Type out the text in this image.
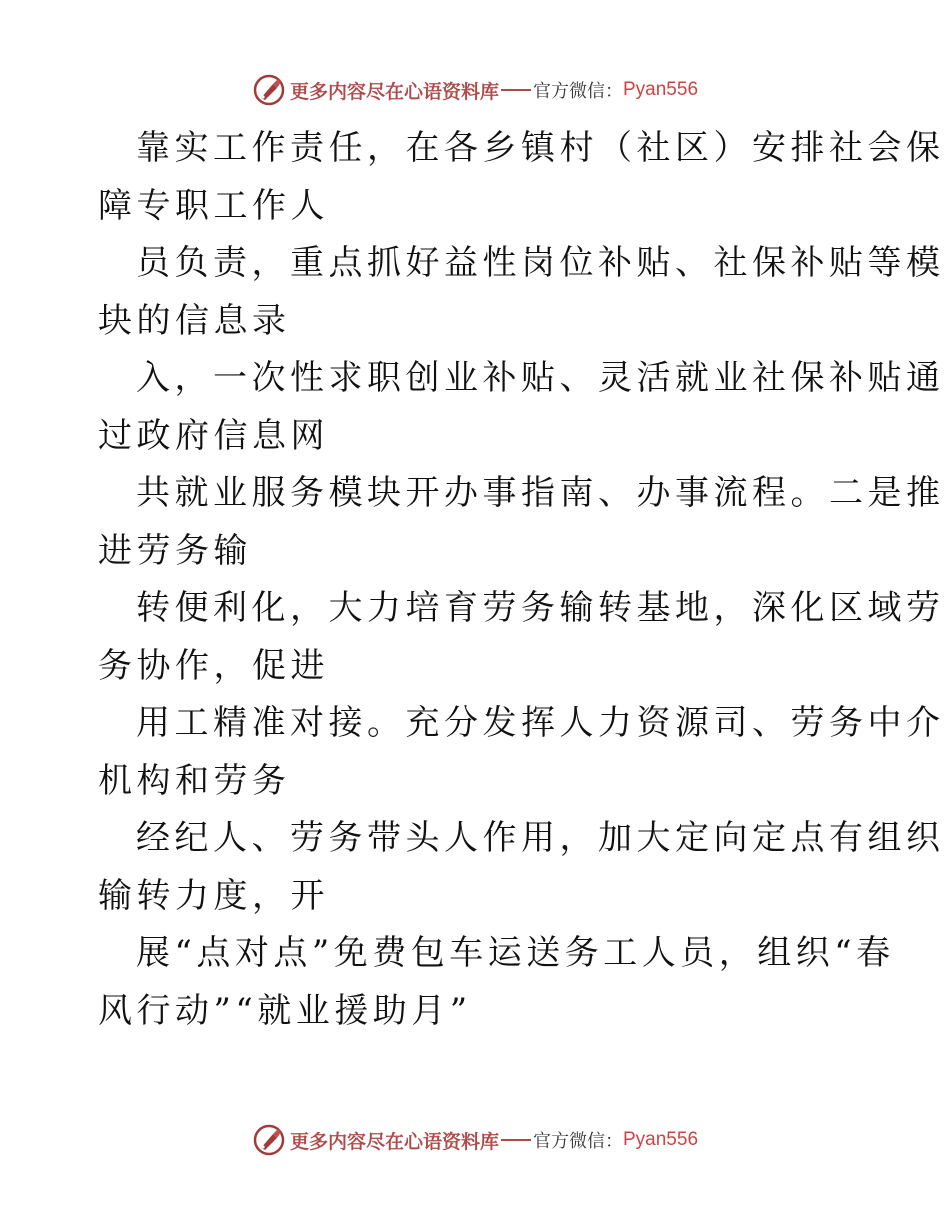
更多内容尽在心语资料库 官方微信： Pyan556

靠实工作责任，在各乡镇村（社区）安排社会保
障专职工作人

员负责，重点抓好益性岗位补贴、社保补贴等模
块的信息录

入，一次性求职创业补贴、灵活就业社保补贴通
过政府信息网

共就业服务模块开办事指南、办事流程。二是推
进劳务输

转便利化，大力培育劳务输转基地，深化区域劳
务协作，促进

用工精准对接。充分发挥人力资源司、劳务中介
机构和劳务

经纪人、劳务带头人作用，加大定向定点有组织
输转力度，开

展“点对点”免费包车运送务工人员，组织“春
风行动”“就业援助月”

更多内容尽在心语资料库 官方微信： Pyan556
